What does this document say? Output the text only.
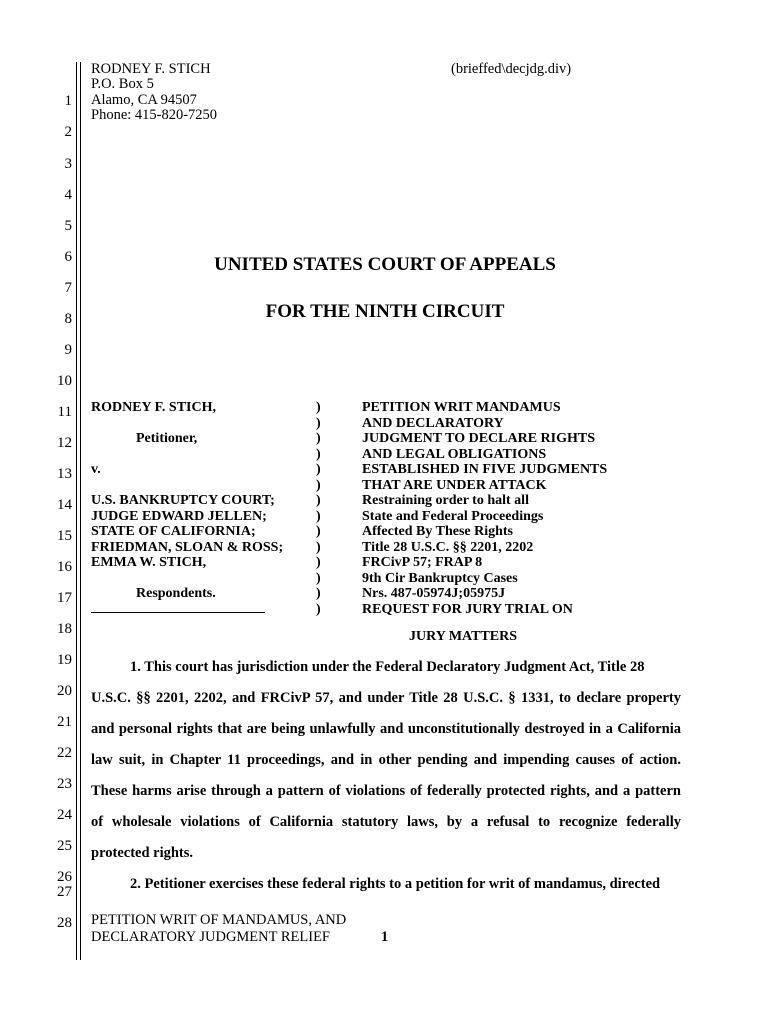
1
2
3
4
5
6
7
8
9
10
11
12
13
14
15
16
17
18
19
20
21
22
23
24
25
26
27
28
RODNEY F. STICH
P.O. Box 5
Alamo, CA 94507
Phone: 415-820-7250
(brieffed\decjdg.div)
UNITED STATES COURT OF APPEALS
FOR THE NINTH CIRCUIT
RODNEY F. STICH,
Petitioner,
v.
U.S. BANKRUPTCY COURT;
JUDGE EDWARD JELLEN;
STATE OF CALIFORNIA;
FRIEDMAN, SLOAN & ROSS;
EMMA W. STICH,
Respondents.
)
)
)
)
)
)
)
)
)
)
)
)
)
)
PETITION WRIT MANDAMUS
AND DECLARATORY
JUDGMENT TO DECLARE RIGHTS
AND LEGAL OBLIGATIONS
ESTABLISHED IN FIVE JUDGMENTS
THAT ARE UNDER ATTACK
Restraining order to halt all
State and Federal Proceedings
Affected By These Rights
Title 28 U.S.C. §§ 2201, 2202
FRCivP 57; FRAP 8
9th Cir Bankruptcy Cases
Nrs. 487-05974J;05975J
REQUEST FOR JURY TRIAL ON
JURY MATTERS
1. This court has jurisdiction under the Federal Declaratory Judgment Act, Title 28
U.S.C. §§ 2201, 2202, and FRCivP 57, and under Title 28 U.S.C. § 1331, to declare property
and personal rights that are being unlawfully and unconstitutionally destroyed in a California
law suit, in Chapter 11 proceedings, and in other pending and impending causes of action.
These harms arise through a pattern of violations of federally protected rights, and a pattern
of wholesale violations of California statutory laws, by a refusal to recognize federally
protected rights.
2. Petitioner exercises these federal rights to a petition for writ of mandamus, directed
PETITION WRIT OF MANDAMUS, AND
DECLARATORY JUDGMENT RELIEF	1
